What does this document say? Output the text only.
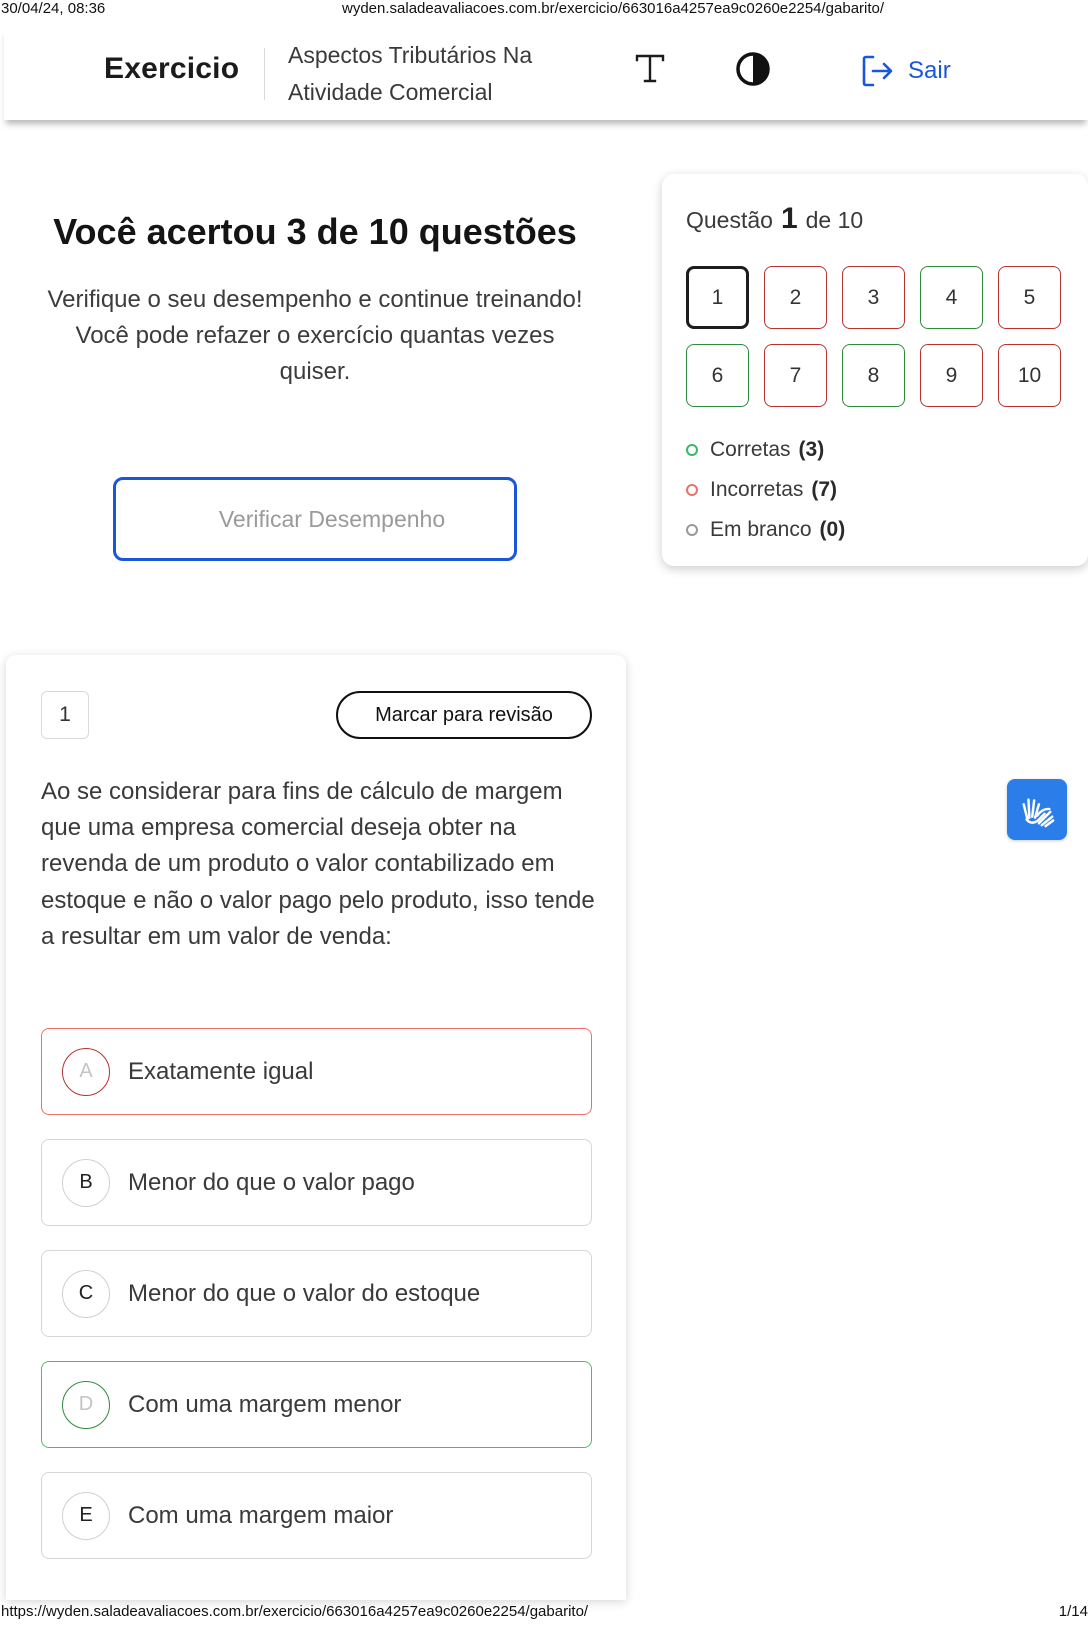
30/04/24, 08:36	wyden.saladeavaliacoes.com.br/exercicio/663016a4257ea9c0260e2254/gabarito/
https://wyden.saladeavaliacoes.com.br/exercicio/663016a4257ea9c0260e2254/gabarito/	1/14
Exercicio Aspectos Tributários Na
Atividade Comercial
Sair
Você acertou 3 de 10 questões

Verifique o seu desempenho e continue treinando! Você pode refazer o exercício quantas vezes quiser.

Verificar Desempenho
Questão 1 de 10
1	2	3	4	5
6	7	8	9	10
Corretas (3)
Incorretas (7)
Em branco (0)
1	Marcar para revisão

Ao se considerar para fins de cálculo de margem que uma empresa comercial deseja obter na revenda de um produto o valor contabilizado em estoque e não o valor pago pelo produto, isso tende a resultar em um valor de venda:

A	Exatamente igual
B	Menor do que o valor pago
C	Menor do que o valor do estoque
D	Com uma margem menor
E	Com uma margem maior
